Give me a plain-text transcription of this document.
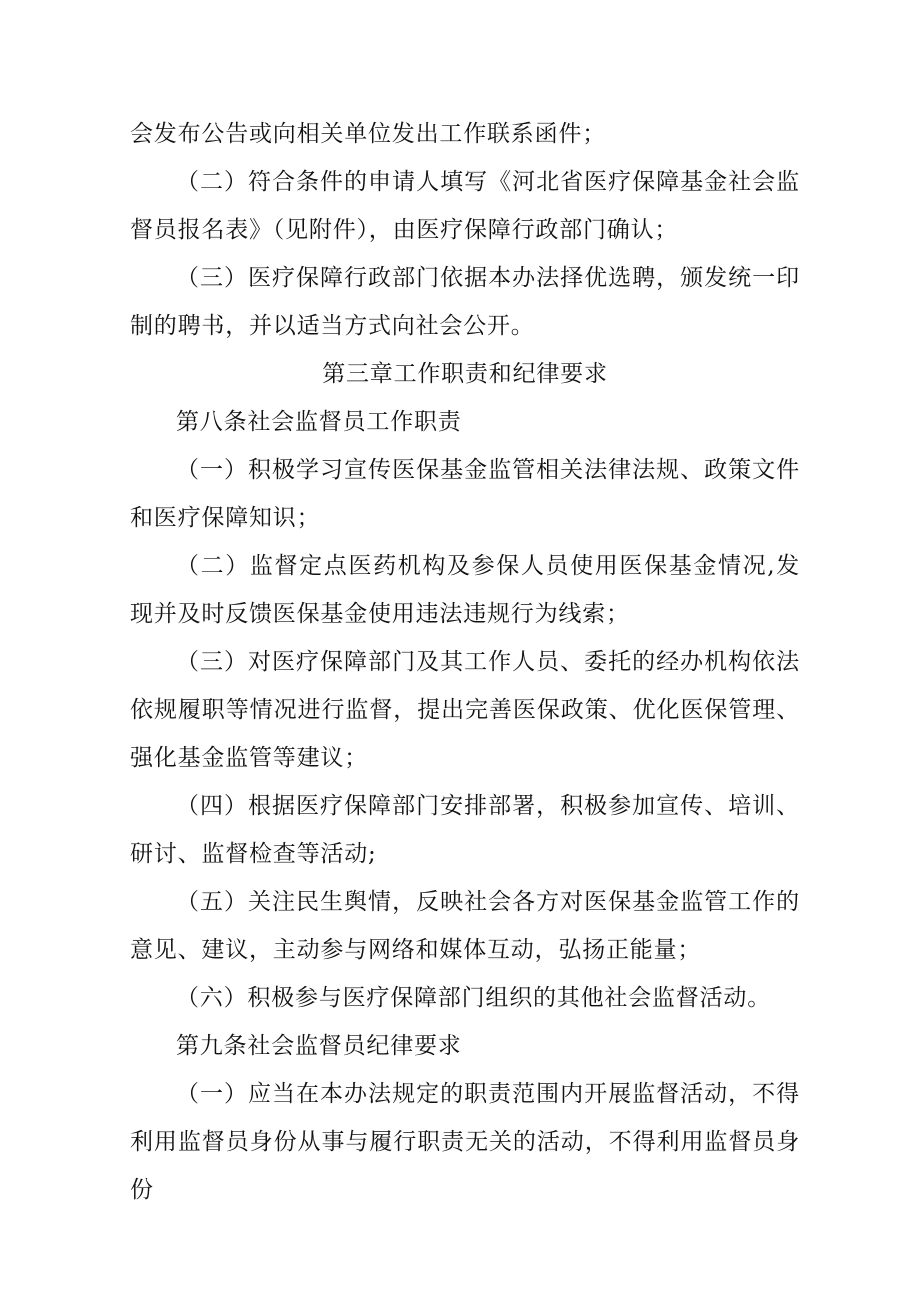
会发布公告或向相关单位发出工作联系函件；

（二）符合条件的申请人填写《河北省医疗保障基金社会监督员报名表》（见附件），由医疗保障行政部门确认；

（三）医疗保障行政部门依据本办法择优选聘，颁发统一印制的聘书，并以适当方式向社会公开。

第三章工作职责和纪律要求

第八条社会监督员工作职责

（一）积极学习宣传医保基金监管相关法律法规、政策文件和医疗保障知识；

（二）监督定点医药机构及参保人员使用医保基金情况,发现并及时反馈医保基金使用违法违规行为线索；

（三）对医疗保障部门及其工作人员、委托的经办机构依法依规履职等情况进行监督，提出完善医保政策、优化医保管理、强化基金监管等建议；

（四）根据医疗保障部门安排部署，积极参加宣传、培训、研讨、监督检查等活动;

（五）关注民生舆情，反映社会各方对医保基金监管工作的意见、建议，主动参与网络和媒体互动，弘扬正能量；

（六）积极参与医疗保障部门组织的其他社会监督活动。

第九条社会监督员纪律要求

（一）应当在本办法规定的职责范围内开展监督活动，不得利用监督员身份从事与履行职责无关的活动，不得利用监督员身份
